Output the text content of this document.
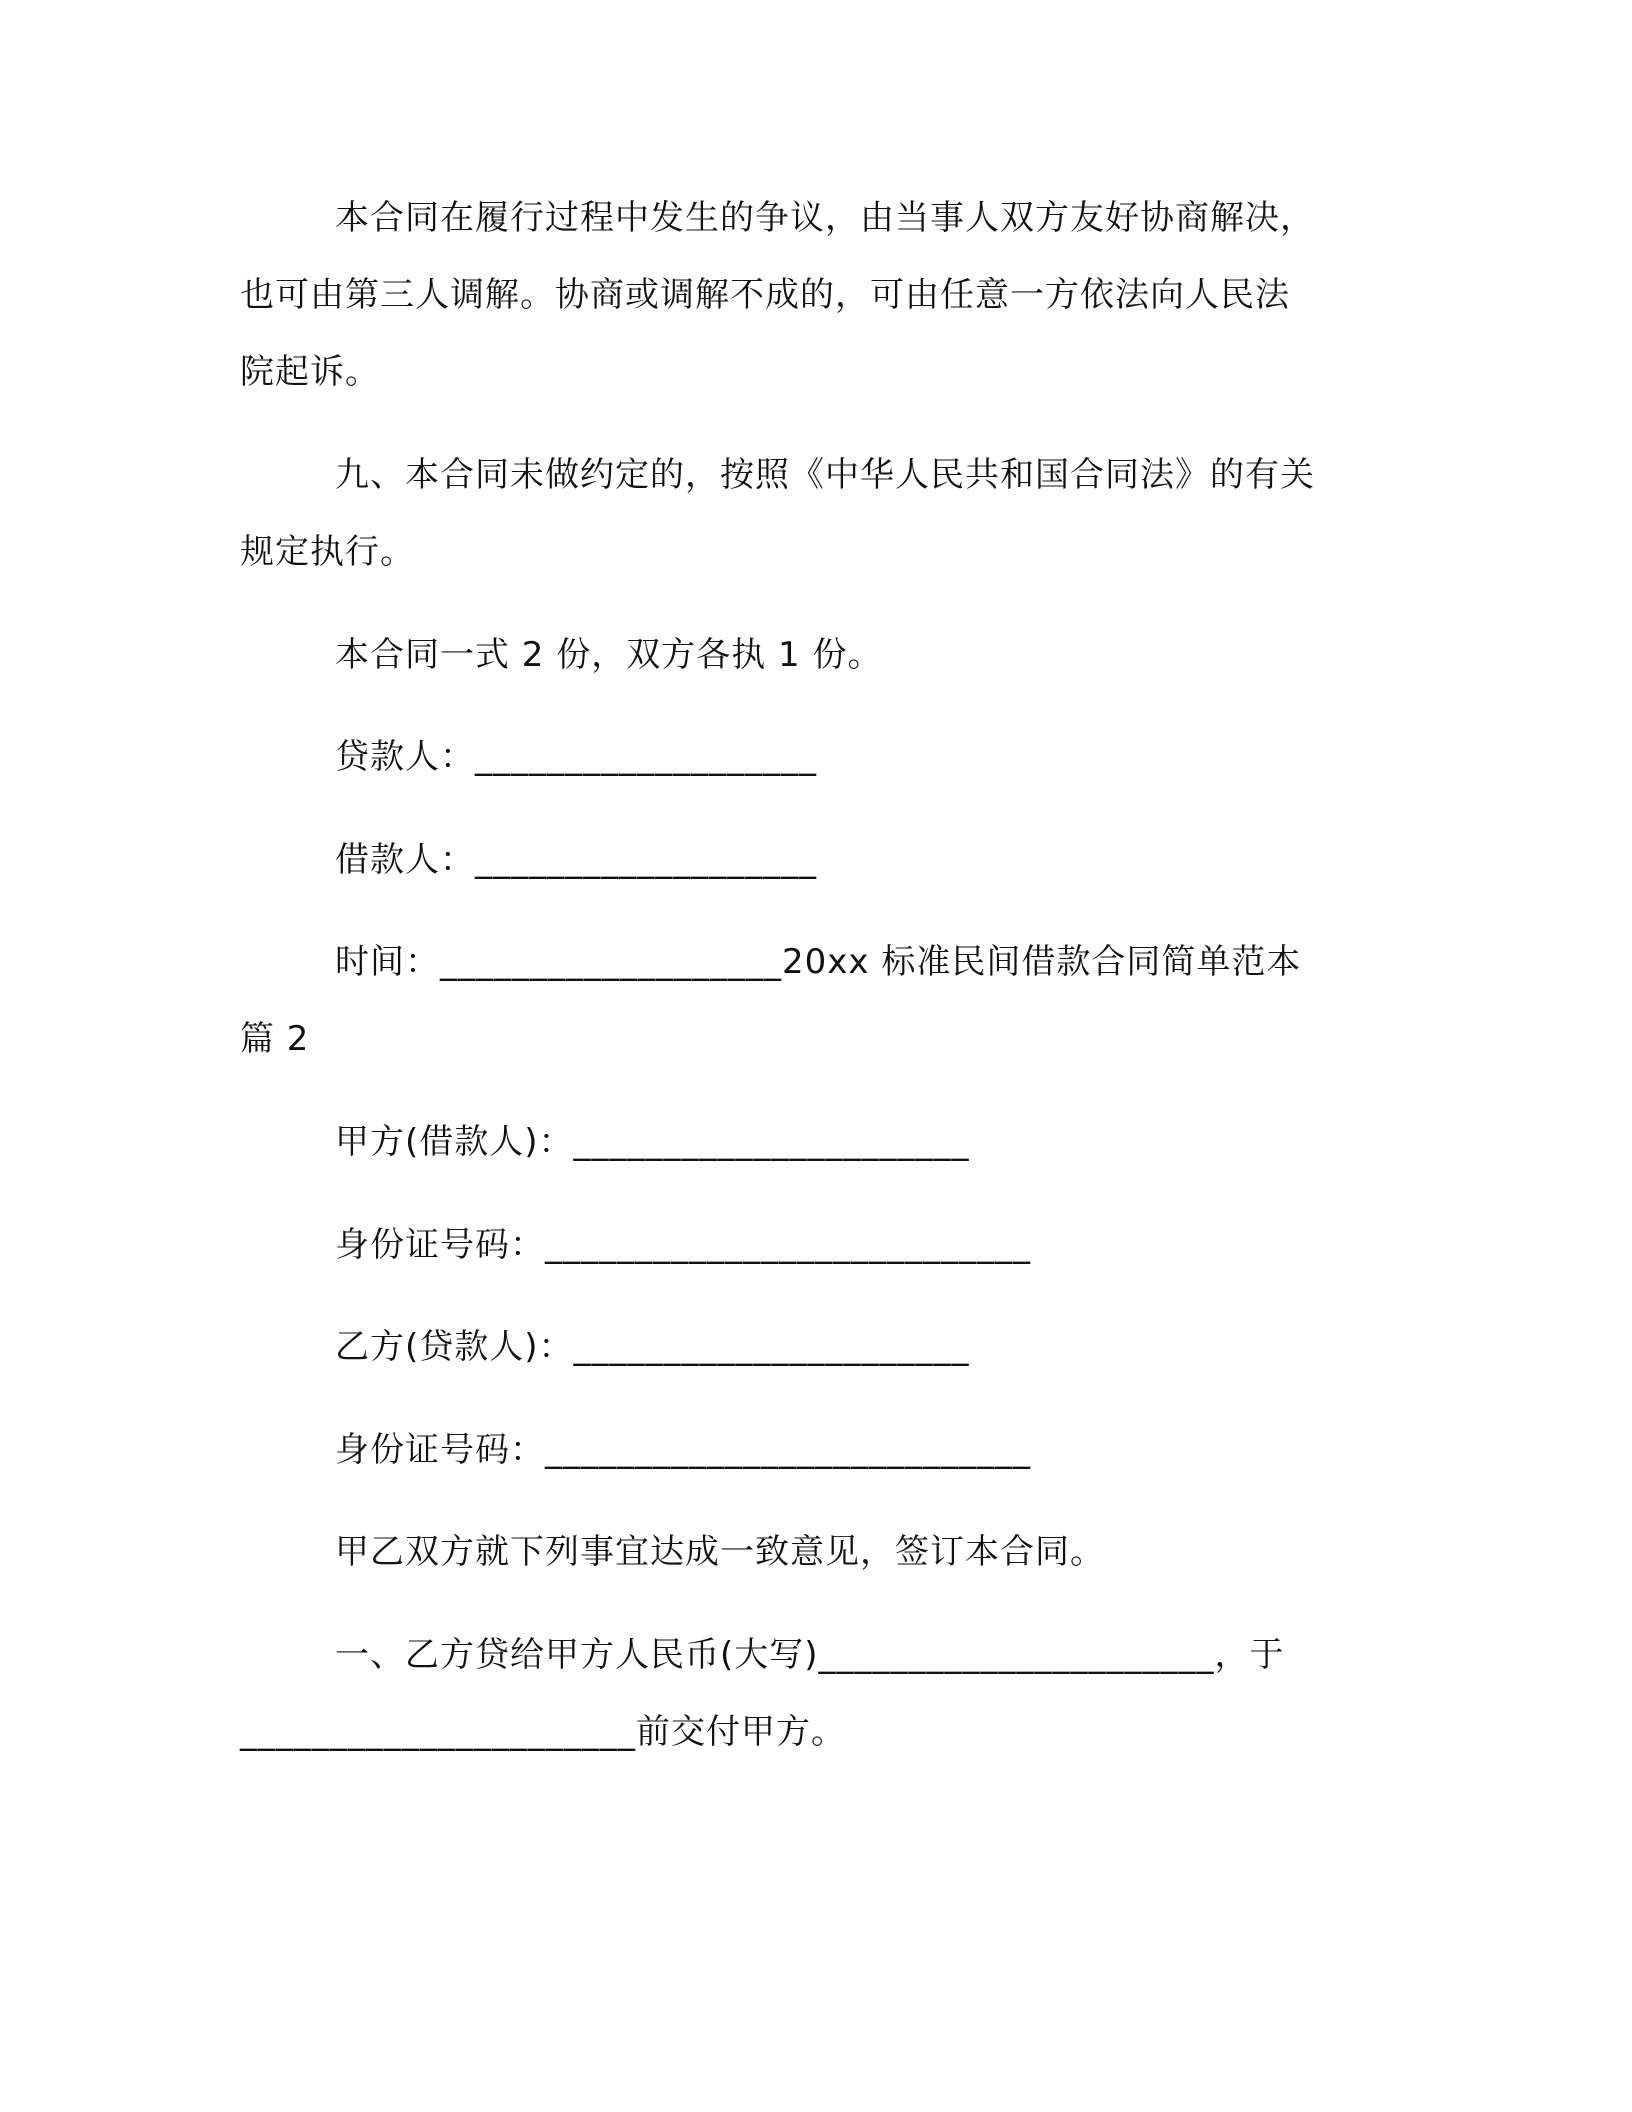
本合同在履行过程中发生的争议，由当事人双方友好协商解决，
也可由第三人调解。协商或调解不成的，可由任意一方依法向人民法
院起诉。
九、本合同未做约定的，按照《中华人民共和国合同法》的有关
规定执行。
本合同一式 2 份，双方各执 1 份。
贷款人：___________________
借款人：___________________
时间：___________________20xx 标准民间借款合同简单范本
篇 2
甲方(借款人)：______________________
身份证号码：___________________________
乙方(贷款人)：______________________
身份证号码：___________________________
甲乙双方就下列事宜达成一致意见，签订本合同。
一、乙方贷给甲方人民币(大写)______________________，于
______________________前交付甲方。
